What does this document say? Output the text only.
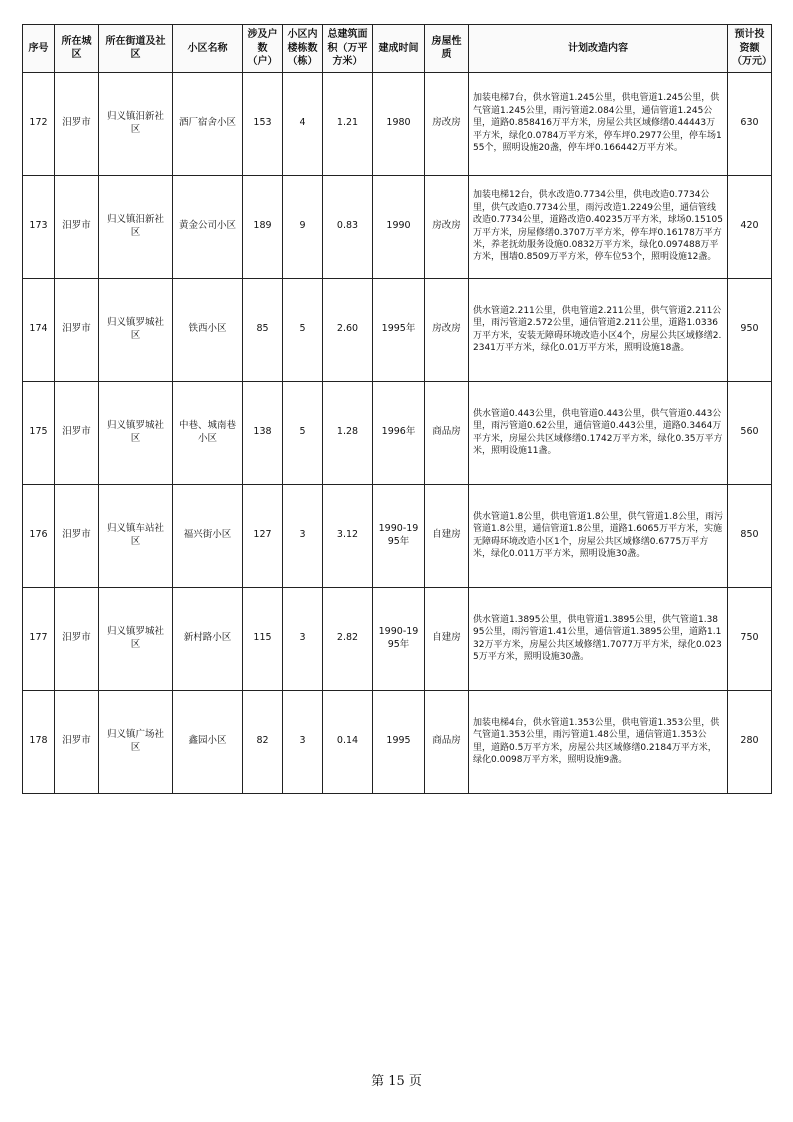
序号	所在城区	所在街道及社区	小区名称	涉及户数（户）	小区内楼栋数（栋）	总建筑面积（万平方米）	建成时间	房屋性质	计划改造内容	预计投资额（万元）
172	汨罗市	归义镇汨新社区	酒厂宿舍小区	153	4	1.21	1980	房改房	加装电梯7台，供水管道1.245公里，供电管道1.245公里，供气管道1.245公里，雨污管道2.084公里，通信管道1.245公里，道路0.858416万平方米，房屋公共区域修缮0.44443万平方米，绿化0.0784万平方米，停车坪0.2977公里，停车场155个，照明设施20盏，停车坪0.166442万平方米。	630
173	汨罗市	归义镇汨新社区	黄金公司小区	189	9	0.83	1990	房改房	加装电梯12台，供水改造0.7734公里，供电改造0.7734公里，供气改造0.7734公里，雨污改造1.2249公里，通信管线改造0.7734公里，道路改造0.40235万平方米，球场0.15105万平方米，房屋修缮0.3707万平方米，停车坪0.16178万平方米，养老抚幼服务设施0.0832万平方米，绿化0.097488万平方米，围墙0.8509万平方米，停车位53个，照明设施12盏。	420
174	汨罗市	归义镇罗城社区	铁西小区	85	5	2.60	1995年	房改房	供水管道2.211公里，供电管道2.211公里，供气管道2.211公里，雨污管道2.572公里，通信管道2.211公里，道路1.0336万平方米，安装无障碍环境改造小区4个，房屋公共区域修缮2.2341万平方米，绿化0.01万平方米，照明设施18盏。	950
175	汨罗市	归义镇罗城社区	中巷、城南巷小区	138	5	1.28	1996年	商品房	供水管道0.443公里，供电管道0.443公里，供气管道0.443公里，雨污管道0.62公里，通信管道0.443公里，道路0.3464万平方米，房屋公共区域修缮0.1742万平方米，绿化0.35万平方米，照明设施11盏。	560
176	汨罗市	归义镇车站社区	福兴街小区	127	3	3.12	1990-1995年	自建房	供水管道1.8公里，供电管道1.8公里，供气管道1.8公里，雨污管道1.8公里，通信管道1.8公里，道路1.6065万平方米，实施无障碍环境改造小区1个，房屋公共区域修缮0.6775万平方米，绿化0.011万平方米，照明设施30盏。	850
177	汨罗市	归义镇罗城社区	新村路小区	115	3	2.82	1990-1995年	自建房	供水管道1.3895公里，供电管道1.3895公里，供气管道1.3895公里，雨污管道1.41公里，通信管道1.3895公里，道路1.132万平方米，房屋公共区域修缮1.7077万平方米，绿化0.0235万平方米，照明设施30盏。	750
178	汨罗市	归义镇广场社区	鑫园小区	82	3	0.14	1995	商品房	加装电梯4台，供水管道1.353公里，供电管道1.353公里，供气管道1.353公里，雨污管道1.48公里，通信管道1.353公里，道路0.5万平方米，房屋公共区域修缮0.2184万平方米，绿化0.0098万平方米，照明设施9盏。	280
第 15 页
